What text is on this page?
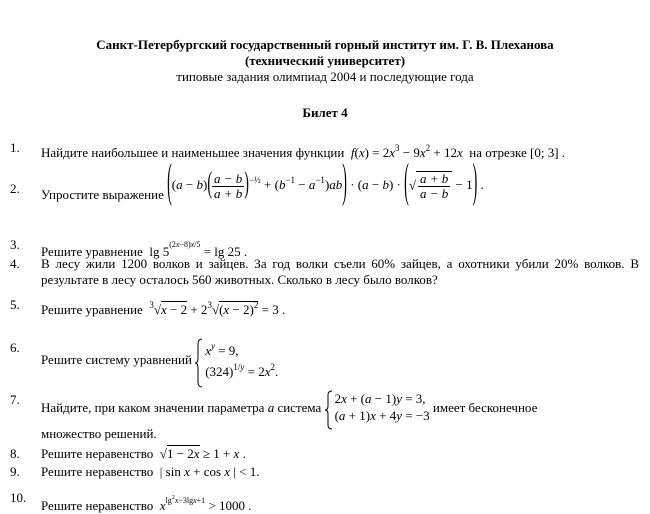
Санкт-Петербургский государственный горный институт им. Г. В. Плеханова
(технический университет)
типовые задания олимпиад 2004 и последующие года
Билет 4
1. Найдите наибольшее и наименьшее значения функции $f(x) = 2x^3 - 9x^2 + 12x$ на отрезке [0; 3] .
2. Упростите выражение $((a - b)( \frac{a - b}{a + b} )^{-\frac{1}{2}} + (b^{-1} - a^{-1})ab) \cdot (a - b)$ · (√ $\frac{a + b}{a - b} - 1$) .
3. Решите уравнение  $\lg 5^{(2x-8)x/5} = \lg 25$ .
4. В лесу жили 1200 волков и зайцев. За год волки съели 60% зайцев, а охотники убили 20% волков. В результате в лесу осталось 560 животных. Сколько в лесу было волков?
5. Решите уравнение $^3√x - 2 + 2^3√(x - 2)^2 = 3$ .
6.
Решите систему уравнений
$x^y = 9$,
$(324)^{1/y} = 2x^2$.
7.
Найдите, при каком значении параметра a система
2x + (a − 1)y = 3,
(a + 1)x + 4y = −3
имеет бесконечное
множество решений.
8. Решите неравенство  √1 − 2x ≥ 1 + x .
9. Решите неравенство  | sin x + cos x | < 1.
10.
Решите неравенство $x^{lg^2x-3lgx+1} > 1000$ .
